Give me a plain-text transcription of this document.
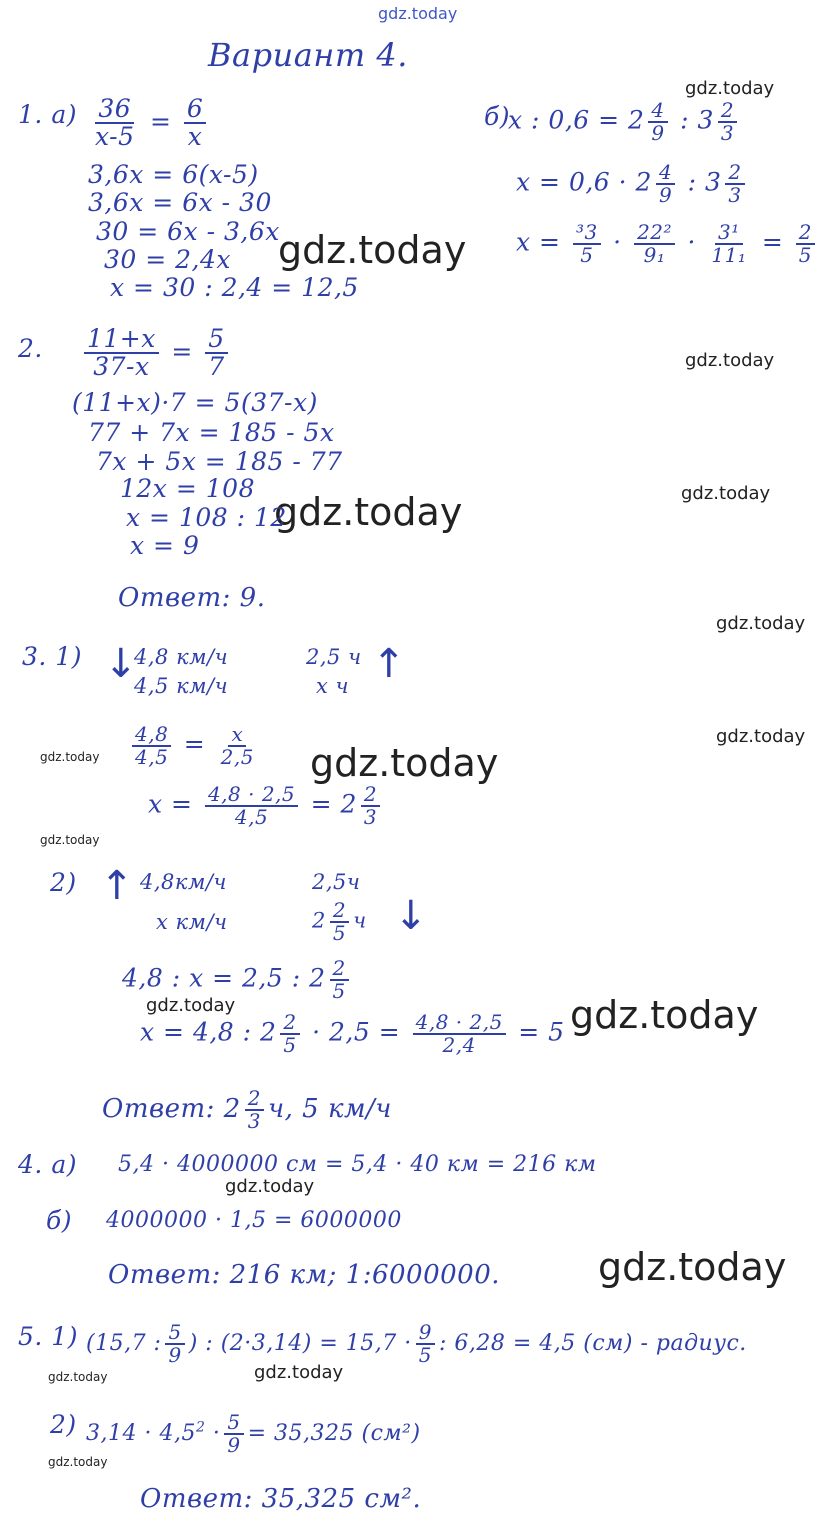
gdz.today
Вариант 4.
gdz.today
gdz.today
gdz.today
gdz.today
gdz.today
gdz.today
gdz.today
gdz.today
gdz.today
gdz.today	gdz.today
gdz.today
gdz.today
gdz.today
gdz.today
gdz.today
gdz.today
1. $а) \frac{36}{x-5} = \frac{6}{x}$
3,6x = 6(x-5)
3,6x = 6x - 30
30 = 6x - 3,6x
30 = 2,4x
x = 30 : 2,4 = 12,5
б)
x : $0,6 = 2 \frac{4}{9}$ : $3 \frac{2}{3}$
$x = 0,6 \cdot 2 \frac{4}{9}$ : $3 \frac{2}{3}$
$x = \frac{\text{³3}}{5} \cdot \frac{\text{22²}}{\text{9₁}} \cdot \frac{\text{3¹}}{\text{11₁}} = \frac{2}{5}$
2. $\frac{11+x}{37-x} = \frac{5}{7}$
(11+x)·7 = 5(37-x)
77 + 7x = 185 - 5x
7x + 5x = 185 - 77
12x = 108
x = 108 : 12
x = 9
Ответ: 9.
3. 1) ↓
4,8 км/ч
4,5 км/ч
2,5 ч
x ч ↑
$\frac{4,8}{4,5} = \frac{x}{2,5}$
$x = \frac{4,8 \cdot 2,5}{4,5} = 2 \frac{2}{3}$
2) ↑ 4,8км/ч
x км/ч
2,5ч
$2 \frac{2}{5}$ ч ↓
4,8 : x = 2,5 : $2 \frac{2}{5}$
x = 4,8 : $2 \frac{2}{5} \cdot 2,5 = \frac{4,8 \cdot 2,5}{2,4} = 5$
Ответ: $2 \frac{2}{3} ч$, 5 км/ч
4. а) 5,4 · 4000000 см = 5,4 · 40 км = 216 км
б) 4000000 · 1,5 = 6000000
Ответ: 216 км; 1:6000000.
5. 1) (15,7 : $\frac{5}{9}$ ) : $(2\cdot 3,14) = 15,7 \cdot \frac{9}{5}$ : 6,28 = 4,5 (см) - радиус.
2) $3,14 \cdot 4,5^2 \cdot \frac{5}{9} = 35,325$ (см²)
Ответ: 35,325 см².
